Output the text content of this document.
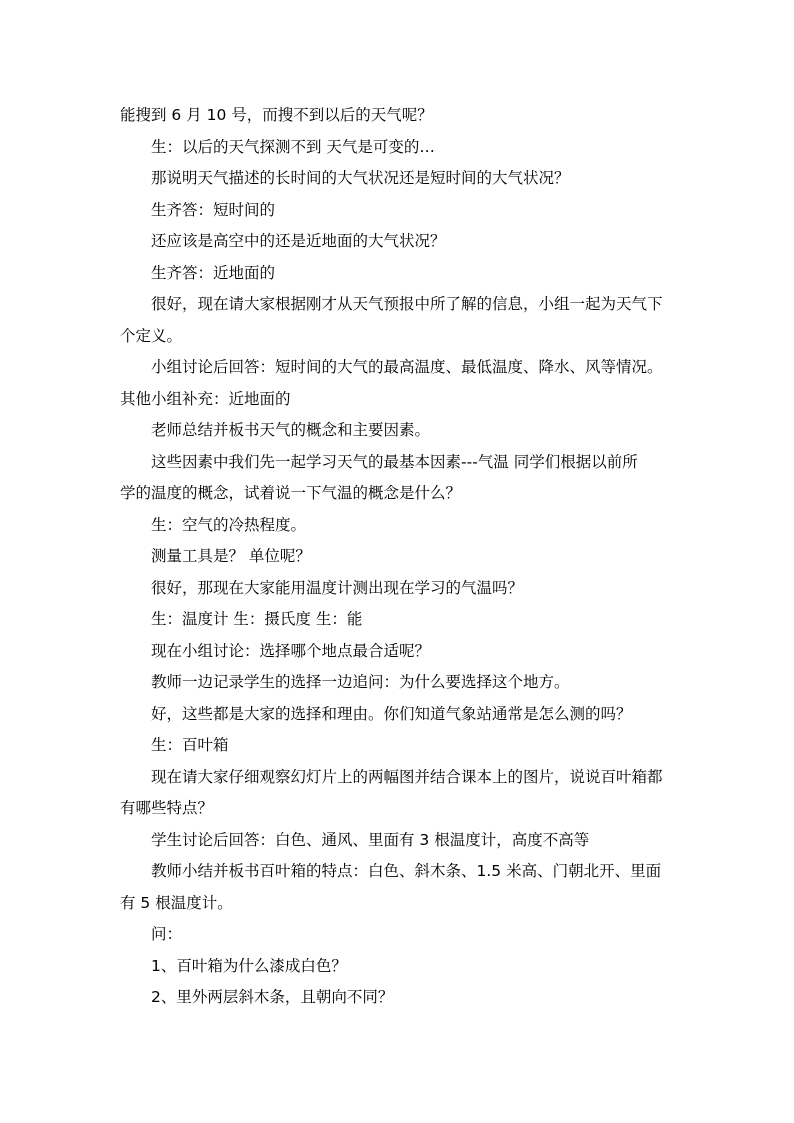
能搜到 6 月 10 号，而搜不到以后的天气呢？
生：以后的天气探测不到 天气是可变的…
那说明天气描述的长时间的大气状况还是短时间的大气状况？
生齐答：短时间的
还应该是高空中的还是近地面的大气状况？
生齐答：近地面的
很好，现在请大家根据刚才从天气预报中所了解的信息，小组一起为天气下
个定义。
小组讨论后回答：短时间的大气的最高温度、最低温度、降水、风等情况。
其他小组补充：近地面的
老师总结并板书天气的概念和主要因素。
这些因素中我们先一起学习天气的最基本因素---气温 同学们根据以前所
学的温度的概念，试着说一下气温的概念是什么？
生：空气的冷热程度。
测量工具是？ 单位呢？
很好，那现在大家能用温度计测出现在学习的气温吗？
生：温度计 生：摄氏度 生：能
现在小组讨论：选择哪个地点最合适呢？
教师一边记录学生的选择一边追问：为什么要选择这个地方。
好，这些都是大家的选择和理由。你们知道气象站通常是怎么测的吗？
生：百叶箱
现在请大家仔细观察幻灯片上的两幅图并结合课本上的图片，说说百叶箱都
有哪些特点？
学生讨论后回答：白色、通风、里面有 3 根温度计，高度不高等
教师小结并板书百叶箱的特点：白色、斜木条、1.5 米高、门朝北开、里面
有 5 根温度计。
问：
1、百叶箱为什么漆成白色？
2、里外两层斜木条，且朝向不同？
